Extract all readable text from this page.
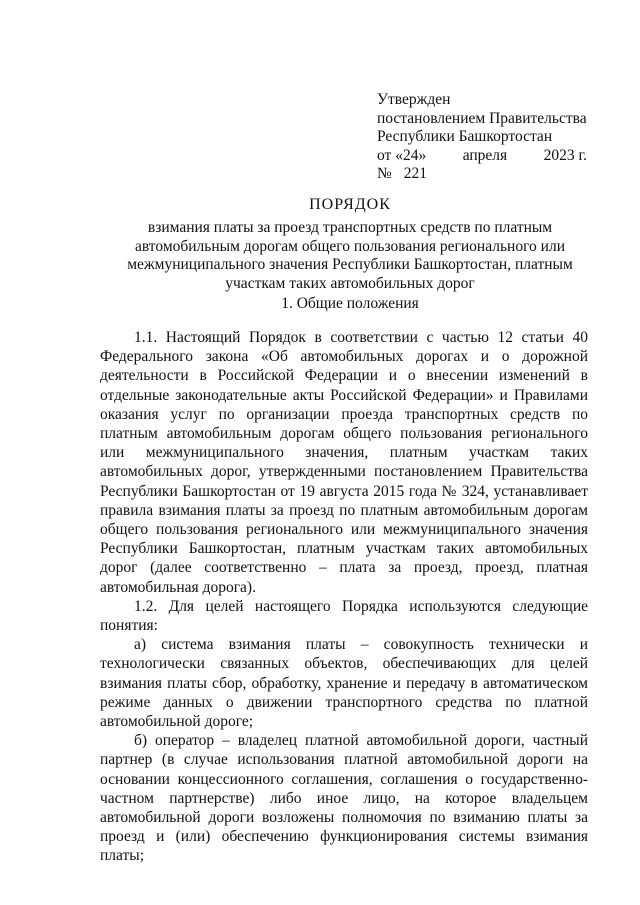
Утвержден
постановлением Правительства
Республики Башкортостан
от «24» апреля 2023 г.
№ 221
ПОРЯДОК

взимания платы за проезд транспортных средств по платным автомобильным дорогам общего пользования регионального или межмуниципального значения Республики Башкортостан, платным участкам таких автомобильных дорог

1. Общие положения

1.1. Настоящий Порядок в соответствии с частью 12 статьи 40 Федерального закона «Об автомобильных дорогах и о дорожной деятельности в Российской Федерации и о внесении изменений в отдельные законодательные акты Российской Федерации» и Правилами оказания услуг по организации проезда транспортных средств по платным автомобильным дорогам общего пользования регионального или межмуниципального значения, платным участкам таких автомобильных дорог, утвержденными постановлением Правительства Республики Башкортостан от 19 августа 2015 года № 324, устанавливает правила взимания платы за проезд по платным автомобильным дорогам общего пользования регионального или межмуниципального значения Республики Башкортостан, платным участкам таких автомобильных дорог (далее соответственно – плата за проезд, проезд, платная автомобильная дорога).

1.2. Для целей настоящего Порядка используются следующие понятия:

а) система взимания платы – совокупность технически и технологически связанных объектов, обеспечивающих для целей взимания платы сбор, обработку, хранение и передачу в автоматическом режиме данных о движении транспортного средства по платной автомобильной дороге;

б) оператор – владелец платной автомобильной дороги, частный партнер (в случае использования платной автомобильной дороги на основании концессионного соглашения, соглашения о государственно-частном партнерстве) либо иное лицо, на которое владельцем автомобильной дороги возложены полномочия по взиманию платы за проезд и (или) обеспечению функционирования системы взимания платы;
